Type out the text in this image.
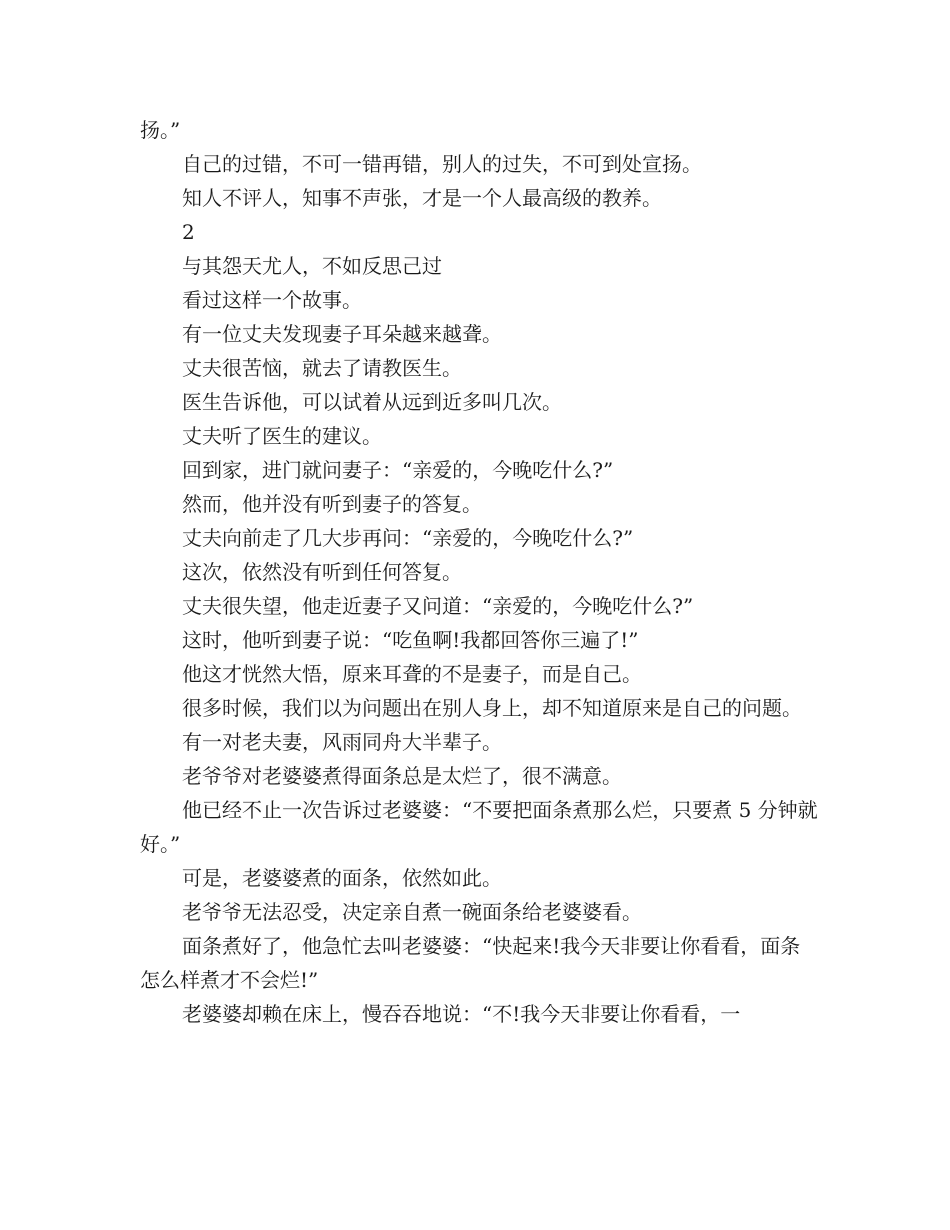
扬。”

自己的过错，不可一错再错，别人的过失，不可到处宣扬。

知人不评人，知事不声张，才是一个人最高级的教养。

2

与其怨天尤人，不如反思己过

看过这样一个故事。

有一位丈夫发现妻子耳朵越来越聋。

丈夫很苦恼，就去了请教医生。

医生告诉他，可以试着从远到近多叫几次。

丈夫听了医生的建议。

回到家，进门就问妻子：“亲爱的，今晚吃什么?”

然而，他并没有听到妻子的答复。

丈夫向前走了几大步再问：“亲爱的，今晚吃什么?”

这次，依然没有听到任何答复。

丈夫很失望，他走近妻子又问道：“亲爱的，今晚吃什么?”

这时，他听到妻子说：“吃鱼啊!我都回答你三遍了!”

他这才恍然大悟，原来耳聋的不是妻子，而是自己。

很多时候，我们以为问题出在别人身上，却不知道原来是自己的问题。

有一对老夫妻，风雨同舟大半辈子。

老爷爷对老婆婆煮得面条总是太烂了，很不满意。

他已经不止一次告诉过老婆婆：“不要把面条煮那么烂，只要煮 5 分钟就好。”

可是，老婆婆煮的面条，依然如此。

老爷爷无法忍受，决定亲自煮一碗面条给老婆婆看。

面条煮好了，他急忙去叫老婆婆：“快起来!我今天非要让你看看，面条怎么样煮才不会烂!”

老婆婆却赖在床上，慢吞吞地说：“不!我今天非要让你看看，一
